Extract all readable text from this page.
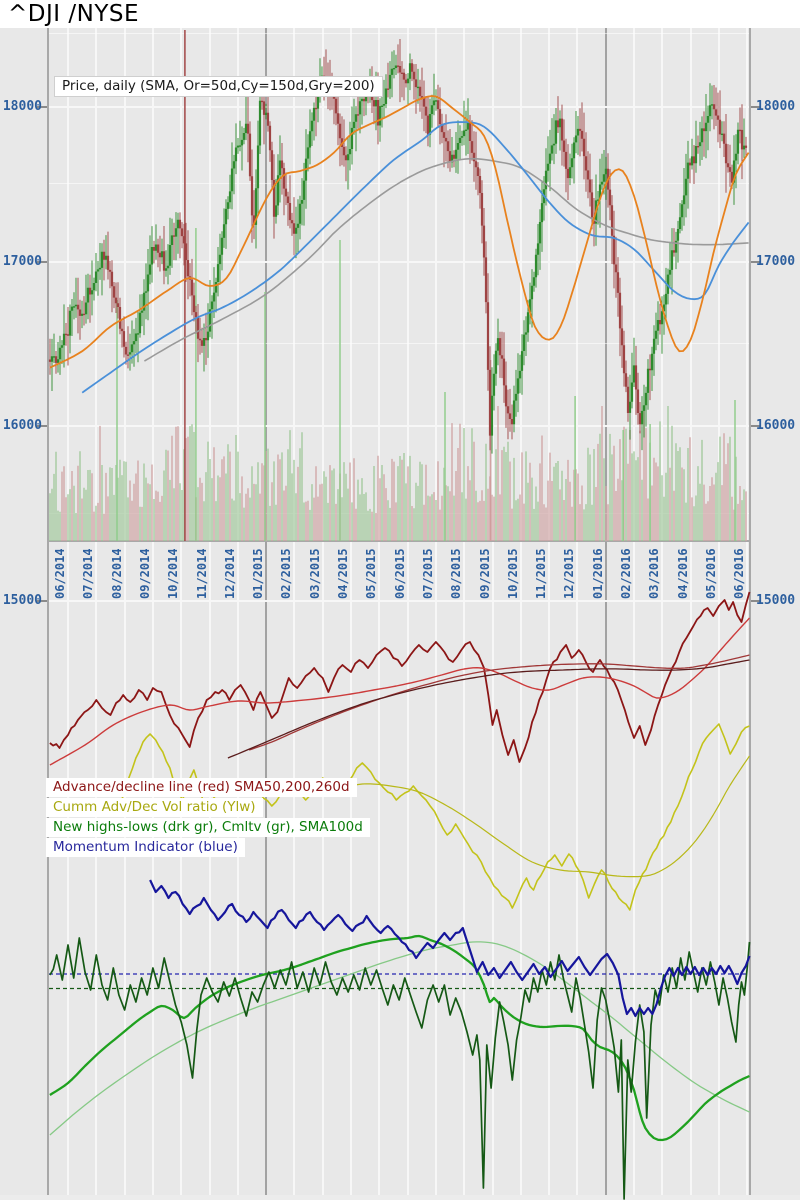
18000	18000
17000	17000
16000	16000
15000	15000
06/2014 07/2014 08/2014 09/2014 10/2014 11/2014 12/2014 01/2015 02/2015 03/2015 04/2015 05/2015 06/2015 07/2015 08/2015 09/2015 10/2015 11/2015 12/2015 01/2016 02/2016 03/2016 04/2016 05/2016 06/2016
^DJI /NYSE
Price, daily (SMA, Or=50d,Cy=150d,Gry=200)
Advance/decline line (red) SMA50,200,260d
Cumm Adv/Dec Vol ratio (Ylw)
New highs-lows (drk gr), Cmltv (gr), SMA100d
Momentum Indicator (blue)
